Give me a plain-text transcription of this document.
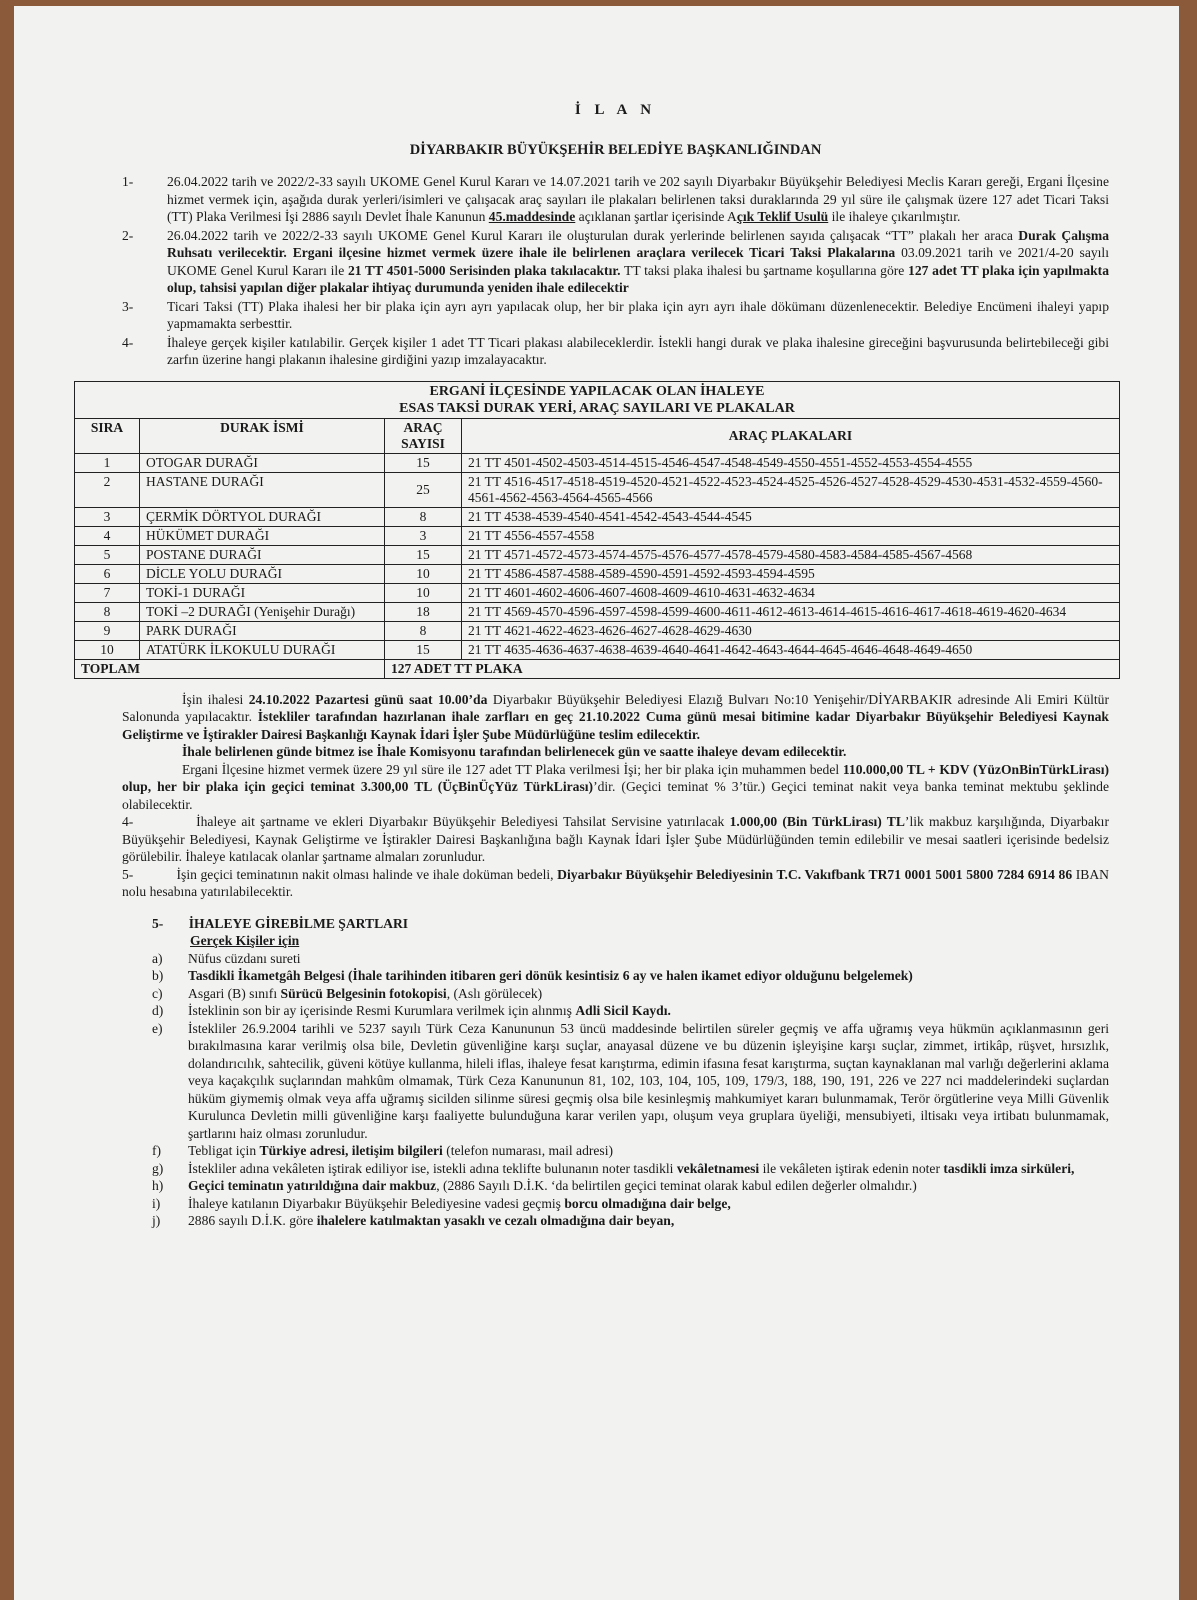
İ L A N
DİYARBAKIR BÜYÜKŞEHİR BELEDİYE BAŞKANLIĞINDAN
1-	26.04.2022 tarih ve 2022/2-33 sayılı UKOME Genel Kurul Kararı ve 14.07.2021 tarih ve 202 sayılı Diyarbakır Büyükşehir Belediyesi Meclis Kararı gereği, Ergani İlçesine hizmet vermek için, aşağıda durak yerleri/isimleri ve çalışacak araç sayıları ile plakaları belirlenen taksi duraklarında 29 yıl süre ile çalışmak üzere 127 adet Ticari Taksi (TT) Plaka Verilmesi İşi 2886 sayılı Devlet İhale Kanunun 45.maddesinde açıklanan şartlar içerisinde Açık Teklif Usulü ile ihaleye çıkarılmıştır.
2-	26.04.2022 tarih ve 2022/2-33 sayılı UKOME Genel Kurul Kararı ile oluşturulan durak yerlerinde belirlenen sayıda çalışacak “TT” plakalı her araca Durak Çalışma Ruhsatı verilecektir. Ergani ilçesine hizmet vermek üzere ihale ile belirlenen araçlara verilecek Ticari Taksi Plakalarına 03.09.2021 tarih ve 2021/4-20 sayılı UKOME Genel Kurul Kararı ile 21 TT 4501-5000 Serisinden plaka takılacaktır. TT taksi plaka ihalesi bu şartname koşullarına göre 127 adet TT plaka için yapılmakta olup, tahsisi yapılan diğer plakalar ihtiyaç durumunda yeniden ihale edilecektir
3-	Ticari Taksi (TT) Plaka ihalesi her bir plaka için ayrı ayrı yapılacak olup, her bir plaka için ayrı ayrı ihale dökümanı düzenlenecektir. Belediye Encümeni ihaleyi yapıp yapmamakta serbesttir.
4-	İhaleye gerçek kişiler katılabilir. Gerçek kişiler 1 adet TT Ticari plakası alabileceklerdir. İstekli hangi durak ve plaka ihalesine gireceğini başvurusunda belirtebileceği gibi zarfın üzerine hangi plakanın ihalesine girdiğini yazıp imzalayacaktır.
ERGANİ İLÇESİNDE YAPILACAK OLAN İHALEYE
ESAS TAKSİ DURAK YERİ, ARAÇ SAYILARI VE PLAKALAR			

SIRA	DURAK İSMİ	ARAÇ SAYISI	ARAÇ PLAKALARI
1	OTOGAR DURAĞI	15	21 TT 4501-4502-4503-4514-4515-4546-4547-4548-4549-4550-4551-4552-4553-4554-4555
2	HASTANE DURAĞI	25	21 TT 4516-4517-4518-4519-4520-4521-4522-4523-4524-4525-4526-4527-4528-4529-4530-4531-4532-4559-4560-4561-4562-4563-4564-4565-4566
3	ÇERMİK DÖRTYOL DURAĞI	8	21 TT 4538-4539-4540-4541-4542-4543-4544-4545
4	HÜKÜMET DURAĞI	3	21 TT 4556-4557-4558
5	POSTANE DURAĞI	15	21 TT 4571-4572-4573-4574-4575-4576-4577-4578-4579-4580-4583-4584-4585-4567-4568
6	DİCLE YOLU DURAĞI	10	21 TT 4586-4587-4588-4589-4590-4591-4592-4593-4594-4595
7	TOKİ-1 DURAĞI	10	21 TT 4601-4602-4606-4607-4608-4609-4610-4631-4632-4634
8	TOKİ –2 DURAĞI (Yenişehir Durağı)	18	21 TT 4569-4570-4596-4597-4598-4599-4600-4611-4612-4613-4614-4615-4616-4617-4618-4619-4620-4634
9	PARK DURAĞI	8	21 TT 4621-4622-4623-4626-4627-4628-4629-4630
10	ATATÜRK İLKOKULU DURAĞI	15	21 TT 4635-4636-4637-4638-4639-4640-4641-4642-4643-4644-4645-4646-4648-4649-4650
TOPLAM		127 ADET TT PLAKA	

İşin ihalesi 24.10.2022 Pazartesi günü saat 10.00’da Diyarbakır Büyükşehir Belediyesi Elazığ Bulvarı No:10 Yenişehir/DİYARBAKIR adresinde Ali Emiri Kültür Salonunda yapılacaktır. İstekliler tarafından hazırlanan ihale zarfları en geç 21.10.2022 Cuma günü mesai bitimine kadar Diyarbakır Büyükşehir Belediyesi Kaynak Geliştirme ve İştirakler Dairesi Başkanlığı Kaynak İdari İşler Şube Müdürlüğüne teslim edilecektir.

İhale belirlenen günde bitmez ise İhale Komisyonu tarafından belirlenecek gün ve saatte ihaleye devam edilecektir.

Ergani İlçesine hizmet vermek üzere 29 yıl süre ile 127 adet TT Plaka verilmesi İşi; her bir plaka için muhammen bedel 110.000,00 TL + KDV (YüzOnBinTürkLirası) olup, her bir plaka için geçici teminat 3.300,00 TL (ÜçBinÜçYüz TürkLirası)’dir. (Geçici teminat % 3’tür.) Geçici teminat nakit veya banka teminat mektubu şeklinde olabilecektir.

4-            İhaleye ait şartname ve ekleri Diyarbakır Büyükşehir Belediyesi Tahsilat Servisine yatırılacak 1.000,00 (Bin TürkLirası) TL’lik makbuz karşılığında, Diyarbakır Büyükşehir Belediyesi, Kaynak Geliştirme ve İştirakler Dairesi Başkanlığına bağlı Kaynak İdari İşler Şube Müdürlüğünden temin edilebilir ve mesai saatleri içerisinde bedelsiz görülebilir. İhaleye katılacak olanlar şartname almaları zorunludur.

5-            İşin geçici teminatının nakit olması halinde ve ihale doküman bedeli, Diyarbakır Büyükşehir Belediyesinin T.C. Vakıfbank TR71 0001 5001 5800 7284 6914 86 IBAN nolu hesabına yatırılabilecektir.

5- İHALEYE GİREBİLME ŞARTLARI
Gerçek Kişiler için
a)	Nüfus cüzdanı sureti
b)	Tasdikli İkametgâh Belgesi (İhale tarihinden itibaren geri dönük kesintisiz 6 ay ve halen ikamet ediyor olduğunu belgelemek)
c)	Asgari (B) sınıfı Sürücü Belgesinin fotokopisi, (Aslı görülecek)
d)	İsteklinin son bir ay içerisinde Resmi Kurumlara verilmek için alınmış Adli Sicil Kaydı.
e)	İstekliler 26.9.2004 tarihli ve 5237 sayılı Türk Ceza Kanununun 53 üncü maddesinde belirtilen süreler geçmiş ve affa uğramış veya hükmün açıklanmasının geri bırakılmasına karar verilmiş olsa bile, Devletin güvenliğine karşı suçlar, anayasal düzene ve bu düzenin işleyişine karşı suçlar, zimmet, irtikâp, rüşvet, hırsızlık, dolandırıcılık, sahtecilik, güveni kötüye kullanma, hileli iflas, ihaleye fesat karıştırma, edimin ifasına fesat karıştırma, suçtan kaynaklanan mal varlığı değerlerini aklama veya kaçakçılık suçlarından mahkûm olmamak, Türk Ceza Kanununun 81, 102, 103, 104, 105, 109, 179/3, 188, 190, 191, 226 ve 227 nci maddelerindeki suçlardan hüküm giymemiş olmak veya affa uğramış sicilden silinme süresi geçmiş olsa bile kesinleşmiş mahkumiyet kararı bulunmamak, Terör örgütlerine veya Milli Güvenlik Kurulunca Devletin milli güvenliğine karşı faaliyette bulunduğuna karar verilen yapı, oluşum veya gruplara üyeliği, mensubiyeti, iltisakı veya irtibatı bulunmamak, şartlarını haiz olması zorunludur.
f)	Tebligat için Türkiye adresi, iletişim bilgileri (telefon numarası, mail adresi)
g)	İstekliler adına vekâleten iştirak ediliyor ise, istekli adına teklifte bulunanın noter tasdikli vekâletnamesi ile vekâleten iştirak edenin noter tasdikli imza sirküleri,
h)	Geçici teminatın yatırıldığına dair makbuz, (2886 Sayılı D.İ.K. ‘da belirtilen geçici teminat olarak kabul edilen değerler olmalıdır.)
i)	İhaleye katılanın Diyarbakır Büyükşehir Belediyesine vadesi geçmiş borcu olmadığına dair belge,
j)	2886 sayılı D.İ.K. göre ihalelere katılmaktan yasaklı ve cezalı olmadığına dair beyan,
